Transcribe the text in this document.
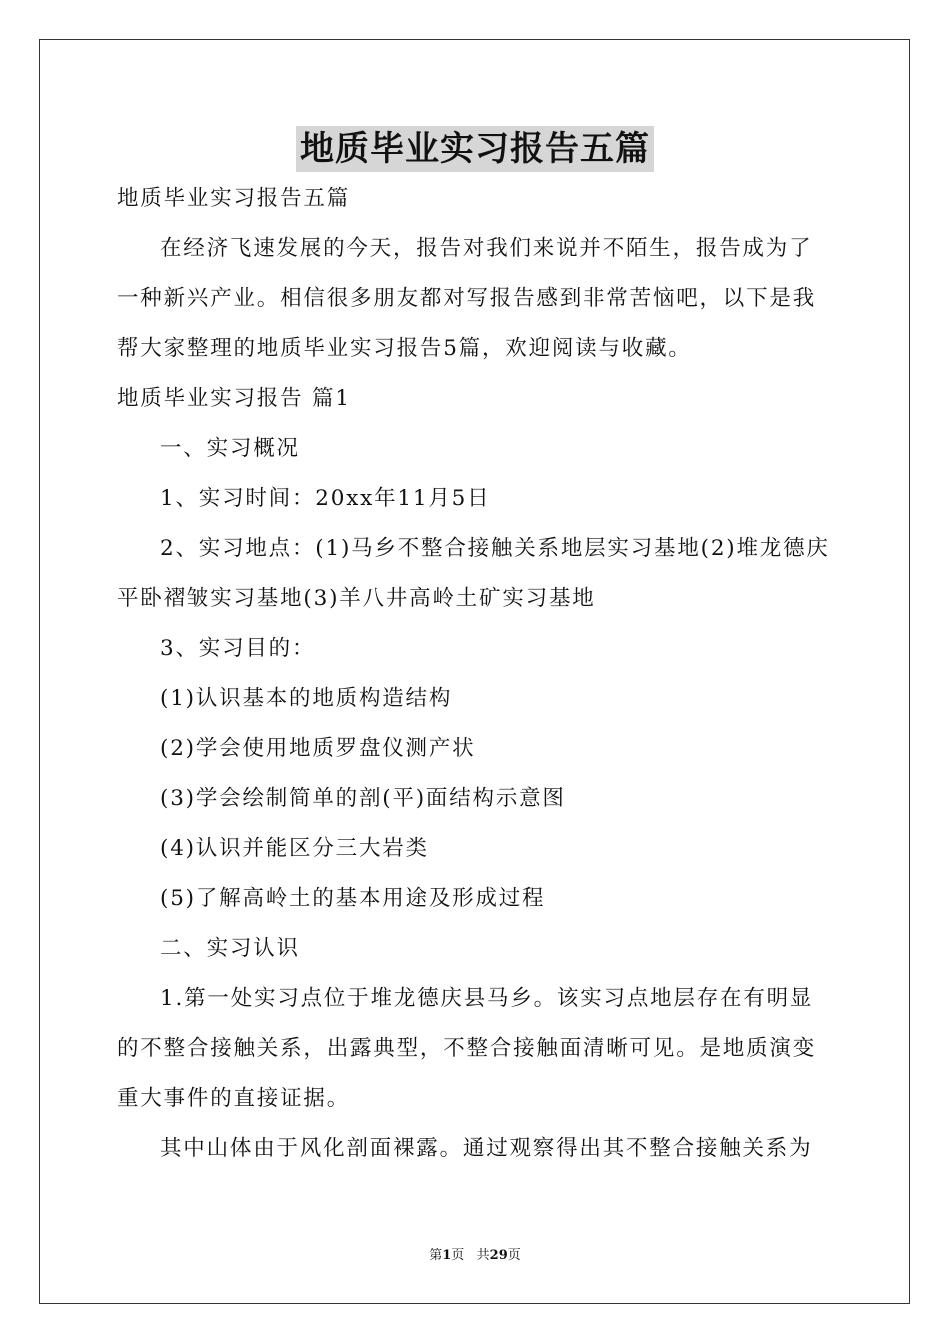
地质毕业实习报告五篇

地质毕业实习报告五篇

在经济飞速发展的今天，报告对我们来说并不陌生，报告成为了一种新兴产业。相信很多朋友都对写报告感到非常苦恼吧，以下是我帮大家整理的地质毕业实习报告5篇，欢迎阅读与收藏。

地质毕业实习报告 篇1

一、实习概况

1、实习时间：20xx年11月5日

2、实习地点：(1)马乡不整合接触关系地层实习基地(2)堆龙德庆平卧褶皱实习基地(3)羊八井高岭土矿实习基地

3、实习目的：

(1)认识基本的地质构造结构

(2)学会使用地质罗盘仪测产状

(3)学会绘制简单的剖(平)面结构示意图

(4)认识并能区分三大岩类

(5)了解高岭土的基本用途及形成过程

二、实习认识

1.第一处实习点位于堆龙德庆县马乡。该实习点地层存在有明显的不整合接触关系，出露典型，不整合接触面清晰可见。是地质演变重大事件的直接证据。

其中山体由于风化剖面裸露。通过观察得出其不整合接触关系为

第1页   共29页
